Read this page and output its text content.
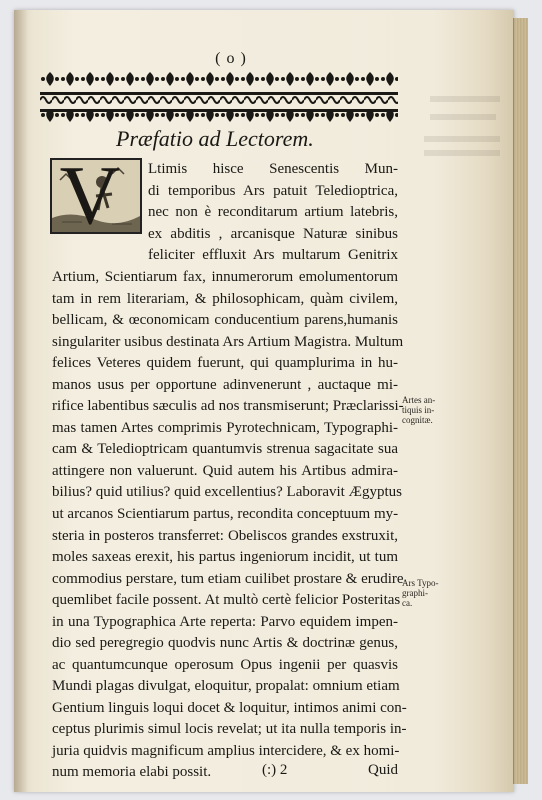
( o )
Præfatio ad Lectorem.
V	Ltimis hisce Senescentis Mun-
di temporibus Ars patuit Teledioptrica,
nec non è reconditarum artium latebris,
ex abditis , arcanisque Naturæ sinibus
feliciter effluxit Ars multarum Genitrix
Artium, Scientiarum fax, innumerorum emolumentorum
tam in rem literariam, & philosophicam, quàm civilem,
bellicam, & œconomicam conducentium parens,humanis
singulariter usibus destinata Ars Artium Magistra. Multum
felices Veteres quidem fuerunt, qui quamplurima in hu-
manos usus per opportune adinvenerunt , auctaque mi-
rifice labentibus sæculis ad nos transmiserunt; Præclarissi-
mas tamen Artes comprimis Pyrotechnicam, Typographi-
cam & Teledioptricam quantumvis strenua sagacitate sua
attingere non valuerunt. Quid autem his Artibus admira-
bilius? quid utilius? quid excellentius? Laboravit Ægyptus
ut arcanos Scientiarum partus, recondita conceptuum my-
steria in posteros transferret: Obeliscos grandes exstruxit,
moles saxeas erexit, his partus ingeniorum incidit, ut tum
commodius perstare, tum etiam cuilibet prostare & erudire
quemlibet facile possent. At multò certè felicior Posteritas
in una Typographica Arte reperta: Parvo equidem impen-
dio sed peregregio quodvis nunc Artis & doctrinæ genus,
ac quantumcunque operosum Opus ingenii per quasvis
Mundi plagas divulgat, eloquitur, propalat: omnium etiam
Gentium linguis loqui docet & loquitur, intimos animi con-
ceptus plurimis simul locis revelat; ut ita nulla temporis in-
juria quidvis magnificum amplius intercidere, & ex homi-
num memoria elabi possit.
Artes an-
tiquis in-
cognitæ.
Ars Typo-
graphi-
ca.
(:) 2	Quid
